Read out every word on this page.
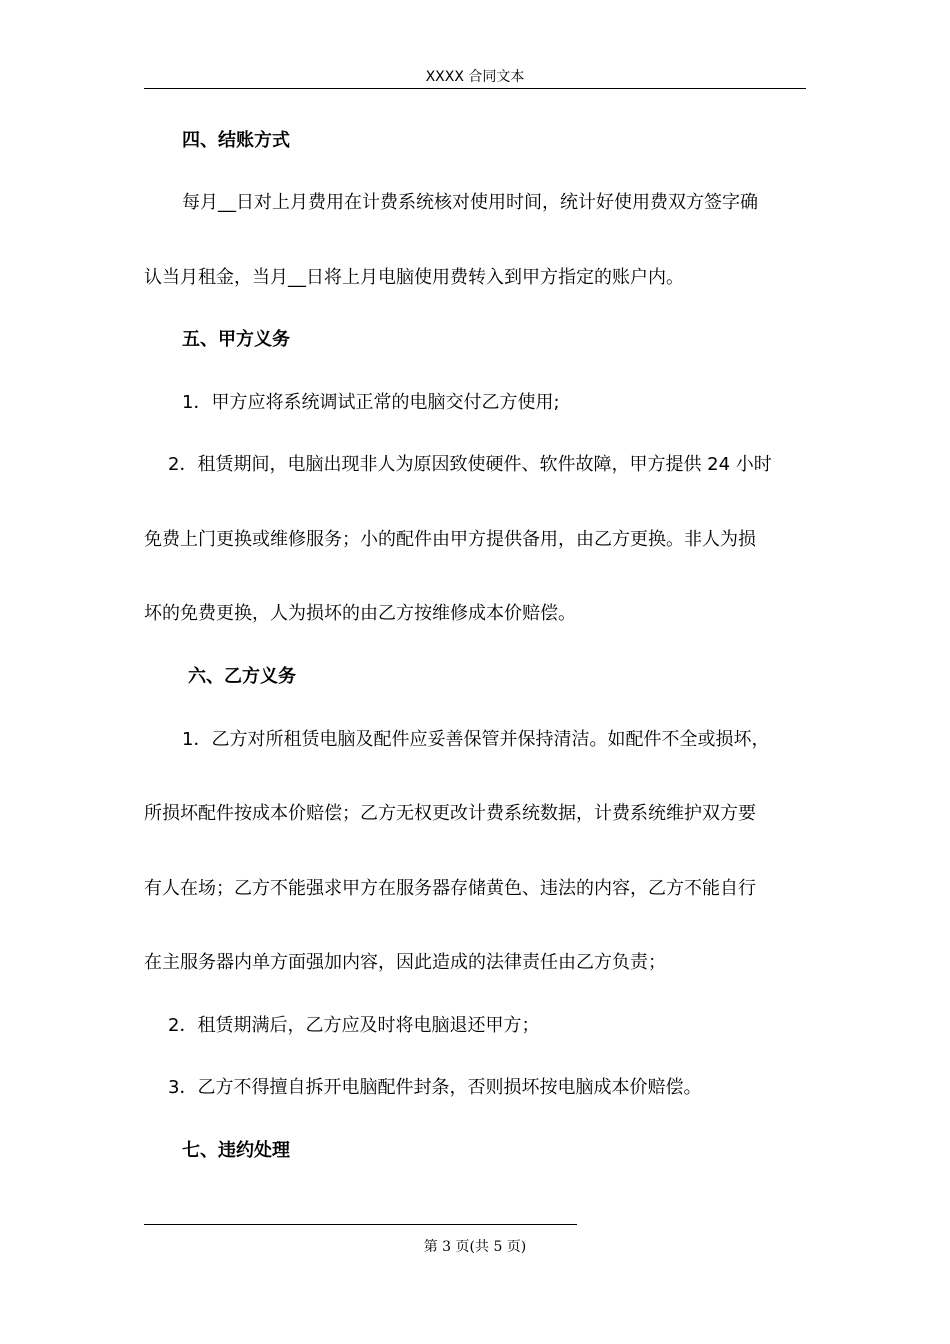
XXXX 合同文本
四、结账方式
每月__日对上月费用在计费系统核对使用时间，统计好使用费双方签字确
认当月租金，当月__日将上月电脑使用费转入到甲方指定的账户内。
五、甲方义务
1．甲方应将系统调试正常的电脑交付乙方使用;
2．租赁期间，电脑出现非人为原因致使硬件、软件故障，甲方提供 24 小时
免费上门更换或维修服务；小的配件由甲方提供备用，由乙方更换。非人为损
坏的免费更换，人为损坏的由乙方按维修成本价赔偿。
六、乙方义务
1．乙方对所租赁电脑及配件应妥善保管并保持清洁。如配件不全或损坏，
所损坏配件按成本价赔偿；乙方无权更改计费系统数据，计费系统维护双方要
有人在场；乙方不能强求甲方在服务器存储黄色、违法的内容，乙方不能自行
在主服务器内单方面强加内容，因此造成的法律责任由乙方负责；
2．租赁期满后，乙方应及时将电脑退还甲方；
3．乙方不得擅自拆开电脑配件封条，否则损坏按电脑成本价赔偿。
七、违约处理
第 3 页(共 5 页)
